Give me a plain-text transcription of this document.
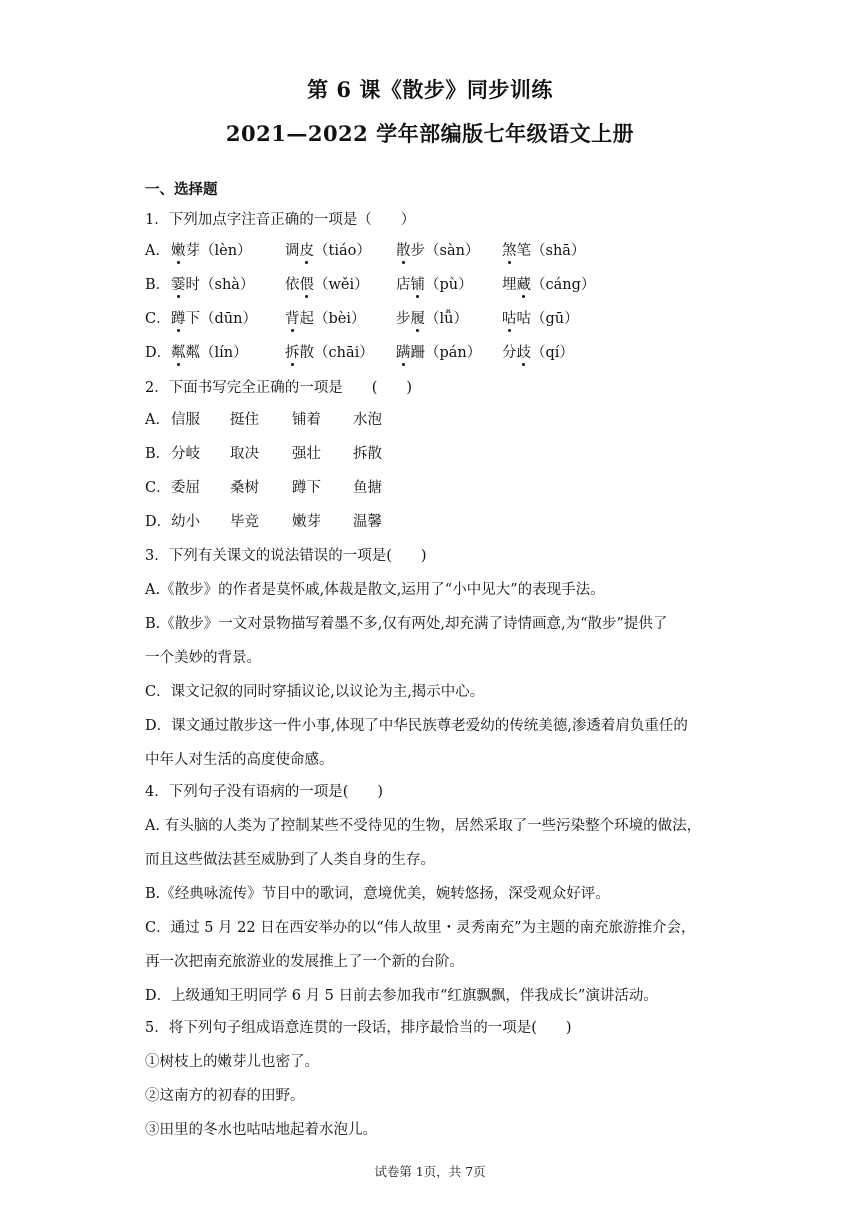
第 6 课《散步》同步训练
2021—2022 学年部编版七年级语文上册
一、选择题
1．下列加点字注音正确的一项是（　　）
A． 嫩芽（lèn） 调皮（tiáo） 散步（sàn） 煞笔（shā）
B． 霎时（shà） 依偎（wěi） 店铺（pù） 埋藏（cáng）
C． 蹲下（dūn） 背起（bèi） 步履（lǚ） 咕咕（gū）
D． 粼粼（lín）	拆散（chāi） 蹒跚（pán） 分歧（qí）
2．下面书写完全正确的一项是　　(　　)
A． 信服 挺住 铺着 水泡
B． 分岐 取决 强壮 拆散
C． 委屈 桑树 蹲下 鱼搪
D． 幼小 毕竞 嫩芽 温馨
3．下列有关课文的说法错误的一项是(　　)
A.《散步》的作者是莫怀戚,体裁是散文,运用了“小中见大”的表现手法。
B.《散步》一文对景物描写着墨不多,仅有两处,却充满了诗情画意,为“散步”提供了
一个美妙的背景。
C．课文记叙的同时穿插议论,以议论为主,揭示中心。
D．课文通过散步这一件小事,体现了中华民族尊老爱幼的传统美德,渗透着肩负重任的
中年人对生活的高度使命感。
4．下列句子没有语病的一项是(　　)
A. 有头脑的人类为了控制某些不受待见的生物，居然采取了一些污染整个环境的做法，
而且这些做法甚至威胁到了人类自身的生存。
B.《经典咏流传》节目中的歌词，意境优美，婉转悠扬，深受观众好评。
C．通过 5 月 22 日在西安举办的以“伟人故里・灵秀南充”为主题的南充旅游推介会，
再一次把南充旅游业的发展推上了一个新的台阶。
D．上级通知王明同学 6 月 5 日前去参加我市“红旗飘飘，伴我成长”演讲活动。
5．将下列句子组成语意连贯的一段话，排序最恰当的一项是(　　)
①树枝上的嫩芽儿也密了。
②这南方的初春的田野。
③田里的冬水也咕咕地起着水泡儿。
试卷第 1页，共 7页
